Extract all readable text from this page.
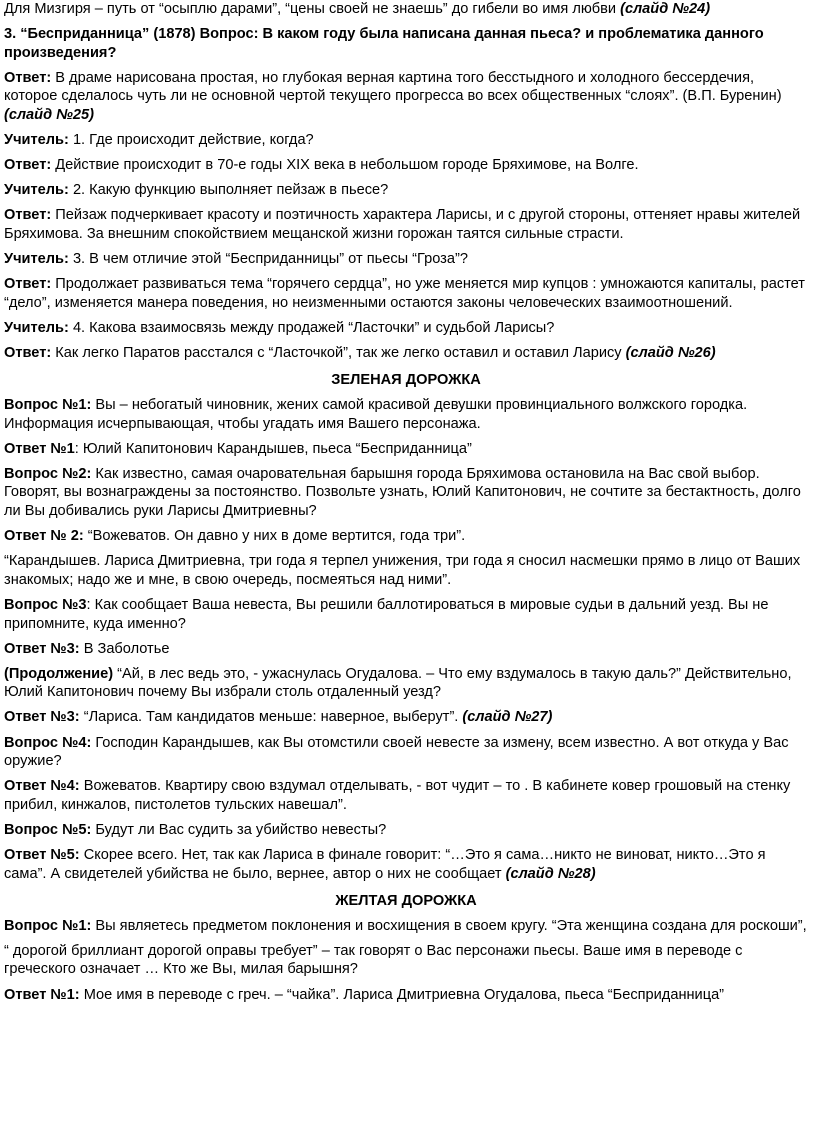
Для Мизгиря – путь от “осыплю дарами”, “цены своей не знаешь” до гибели во имя любви (слайд №24)

3. “Бесприданница” (1878) Вопрос: В каком году была написана данная пьеса? и проблематика данного произведения?

Ответ: В драме нарисована простая, но глубокая верная картина того бесстыдного и холодного бессердечия, которое сделалось чуть ли не основной чертой текущего прогресса во всех общественных “слоях”. (В.П. Буренин) (слайд №25)

Учитель: 1. Где происходит действие, когда?

Ответ: Действие происходит в 70-е годы XIX века в небольшом городе Бряхимове, на Волге.

Учитель: 2. Какую функцию выполняет пейзаж в пьесе?

Ответ: Пейзаж подчеркивает красоту и поэтичность характера Ларисы, и с другой стороны, оттеняет нравы жителей Бряхимова. За внешним спокойствием мещанской жизни горожан таятся сильные страсти.

Учитель: 3. В чем отличие этой “Бесприданницы” от пьесы “Гроза”?

Ответ: Продолжает развиваться тема “горячего сердца”, но уже меняется мир купцов : умножаются капиталы, растет “дело”, изменяется манера поведения, но неизменными остаются законы человеческих взаимоотношений.

Учитель: 4. Какова взаимосвязь между продажей “Ласточки” и судьбой Ларисы?

Ответ: Как легко Паратов расстался с “Ласточкой”, так же легко оставил и оставил Ларису (слайд №26)

ЗЕЛЕНАЯ ДОРОЖКА

Вопрос №1: Вы – небогатый чиновник, жених самой красивой девушки провинциального волжского городка. Информация исчерпывающая, чтобы угадать имя Вашего персонажа.

Ответ №1: Юлий Капитонович Карандышев, пьеса “Бесприданница”

Вопрос №2: Как известно, самая очаровательная барышня города Бряхимова остановила на Вас свой выбор. Говорят, вы вознаграждены за постоянство. Позвольте узнать, Юлий Капитонович, не сочтите за бестактность, долго ли Вы добивались руки Ларисы Дмитриевны?

Ответ № 2: “Вожеватов. Он давно у них в доме вертится, года три”.

“Карандышев. Лариса Дмитриевна, три года я терпел унижения, три года я сносил насмешки прямо в лицо от Ваших знакомых; надо же и мне, в свою очередь, посмеяться над ними”.

Вопрос №3: Как сообщает Ваша невеста, Вы решили баллотироваться в мировые судьи в дальний уезд. Вы не припомните, куда именно?

Ответ №3: В Заболотье

(Продолжение) “Ай, в лес ведь это, - ужаснулась Огудалова. – Что ему вздумалось в такую даль?” Действительно, Юлий Капитонович почему Вы избрали столь отдаленный уезд?

Ответ №3: “Лариса. Там кандидатов меньше: наверное, выберут”. (слайд №27)

Вопрос №4: Господин Карандышев, как Вы отомстили своей невесте за измену, всем известно. А вот откуда у Вас оружие?

Ответ №4: Вожеватов. Квартиру свою вздумал отделывать, - вот чудит – то . В кабинете ковер грошовый на стенку прибил, кинжалов, пистолетов тульских навешал”.

Вопрос №5: Будут ли Вас судить за убийство невесты?

Ответ №5: Скорее всего. Нет, так как Лариса в финале говорит: “…Это я сама…никто не виноват, никто…Это я сама”. А свидетелей убийства не было, вернее, автор о них не сообщает (слайд №28)

ЖЕЛТАЯ ДОРОЖКА

Вопрос №1: Вы являетесь предметом поклонения и восхищения в своем кругу. “Эта женщина создана для роскоши”,

“ дорогой бриллиант дорогой оправы требует” – так говорят о Вас персонажи пьесы. Ваше имя в переводе с греческого означает … Кто же Вы, милая барышня?

Ответ №1: Мое имя в переводе с греч. – “чайка”. Лариса Дмитриевна Огудалова, пьеса “Бесприданница”
